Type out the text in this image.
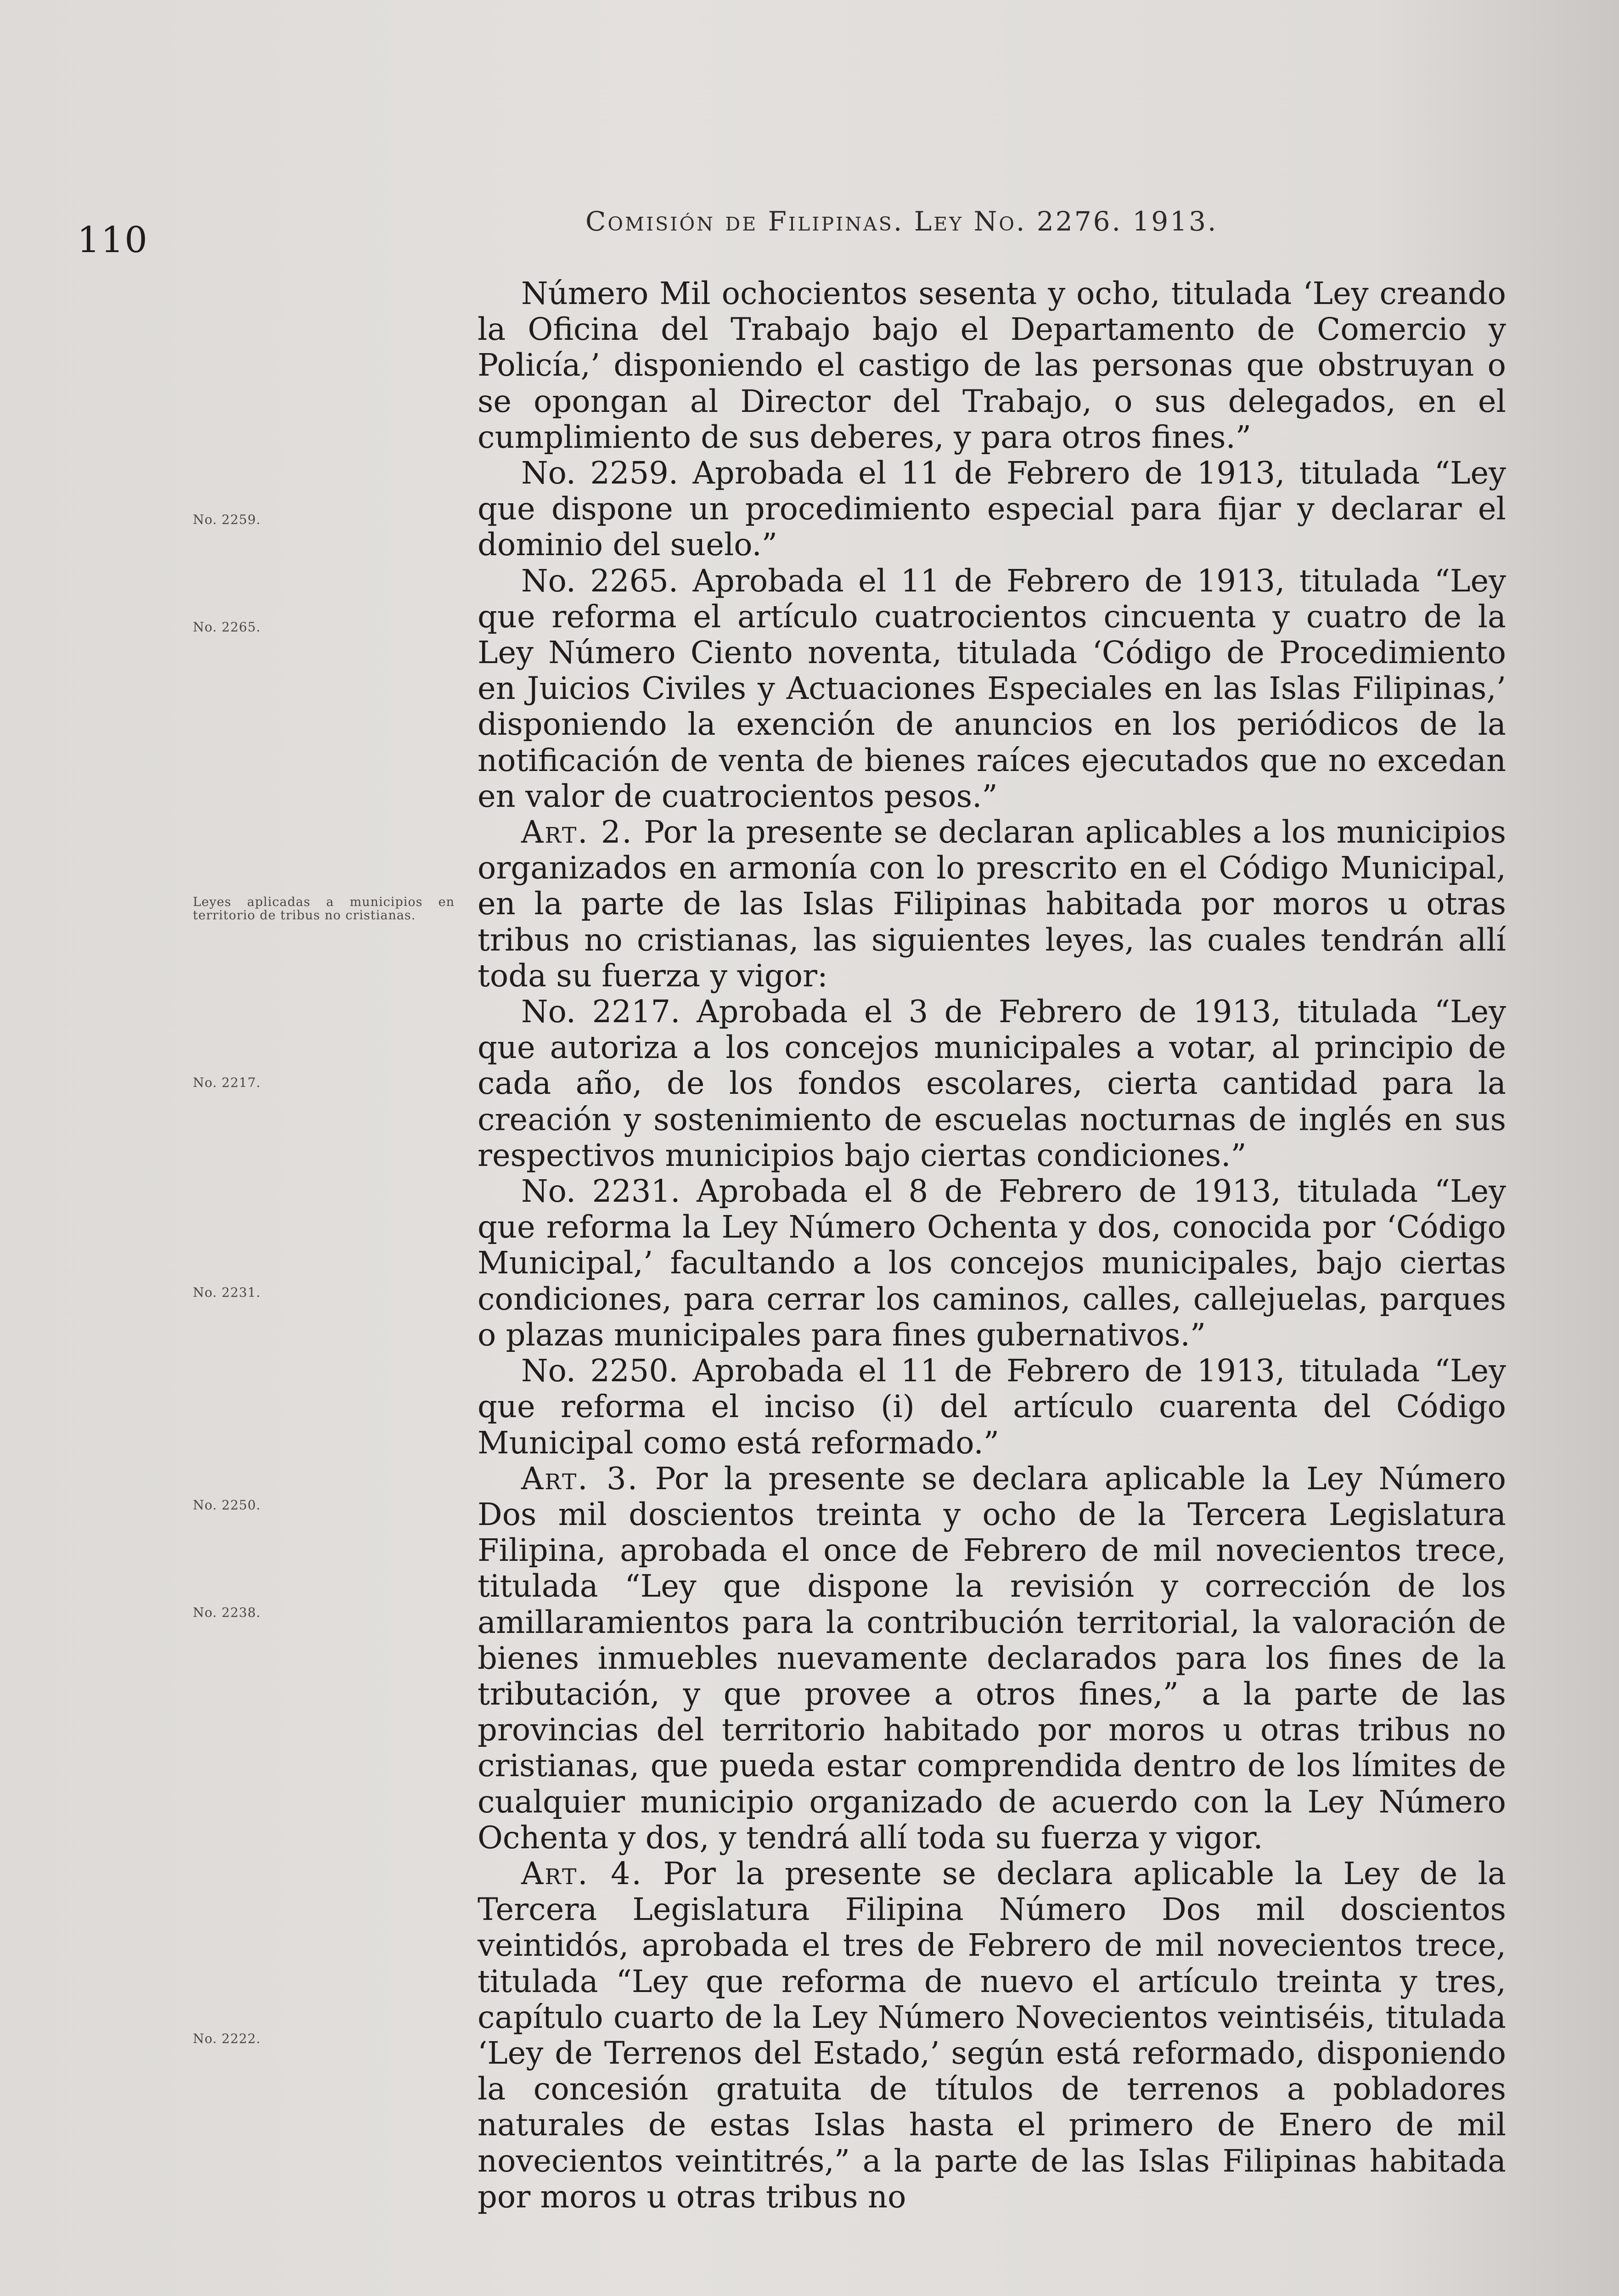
110	Comisión de Filipinas. Ley No. 2276. 1913.
No. 2259.
No. 2265.
Leyes aplicadas a municipios en territorio de tribus no cristianas.
No. 2217.
No. 2231.
No. 2250.
No. 2238.
No. 2222.

Número Mil ochocientos sesenta y ocho, titulada ‘Ley creando la Oficina del Trabajo bajo el Departamento de Comercio y Policía,’ disponiendo el castigo de las personas que obstruyan o se opongan al Director del Trabajo, o sus delegados, en el cumplimiento de sus deberes, y para otros fines.”

No. 2259. Aprobada el 11 de Febrero de 1913, titulada “Ley que dispone un procedimiento especial para fijar y declarar el dominio del suelo.”

No. 2265. Aprobada el 11 de Febrero de 1913, titulada “Ley que reforma el artículo cuatrocientos cincuenta y cuatro de la Ley Número Ciento noventa, titulada ‘Código de Procedimiento en Juicios Civiles y Actuaciones Especiales en las Islas Filipinas,’ disponiendo la exención de anuncios en los periódicos de la notificación de venta de bienes raíces ejecutados que no excedan en valor de cuatrocientos pesos.”

Art. 2. Por la presente se declaran aplicables a los municipios organizados en armonía con lo prescrito en el Código Municipal, en la parte de las Islas Filipinas habitada por moros u otras tribus no cristianas, las siguientes leyes, las cuales tendrán allí toda su fuerza y vigor:

No. 2217. Aprobada el 3 de Febrero de 1913, titulada “Ley que autoriza a los concejos municipales a votar, al principio de cada año, de los fondos escolares, cierta cantidad para la creación y sostenimiento de escuelas nocturnas de inglés en sus respectivos municipios bajo ciertas condiciones.”

No. 2231. Aprobada el 8 de Febrero de 1913, titulada “Ley que reforma la Ley Número Ochenta y dos, conocida por ‘Código Municipal,’ facultando a los concejos municipales, bajo ciertas condiciones, para cerrar los caminos, calles, callejuelas, parques o plazas municipales para fines gubernativos.”

No. 2250. Aprobada el 11 de Febrero de 1913, titulada “Ley que reforma el inciso (i) del artículo cuarenta del Código Municipal como está reformado.”

Art. 3. Por la presente se declara aplicable la Ley Número Dos mil doscientos treinta y ocho de la Tercera Legislatura Filipina, aprobada el once de Febrero de mil novecientos trece, titulada “Ley que dispone la revisión y corrección de los amillaramientos para la contribución territorial, la valoración de bienes inmuebles nuevamente declarados para los fines de la tributación, y que provee a otros fines,” a la parte de las provincias del territorio habitado por moros u otras tribus no cristianas, que pueda estar comprendida dentro de los límites de cualquier municipio organizado de acuerdo con la Ley Número Ochenta y dos, y tendrá allí toda su fuerza y vigor.

Art. 4. Por la presente se declara aplicable la Ley de la Tercera Legislatura Filipina Número Dos mil doscientos veintidós, aprobada el tres de Febrero de mil novecientos trece, titulada “Ley que reforma de nuevo el artículo treinta y tres, capítulo cuarto de la Ley Número Novecientos veintiséis, titulada ‘Ley de Terrenos del Estado,’ según está reformado, disponiendo la concesión gratuita de títulos de terrenos a pobladores naturales de estas Islas hasta el primero de Enero de mil novecientos veintitrés,” a la parte de las Islas Filipinas habitada por moros u otras tribus no
